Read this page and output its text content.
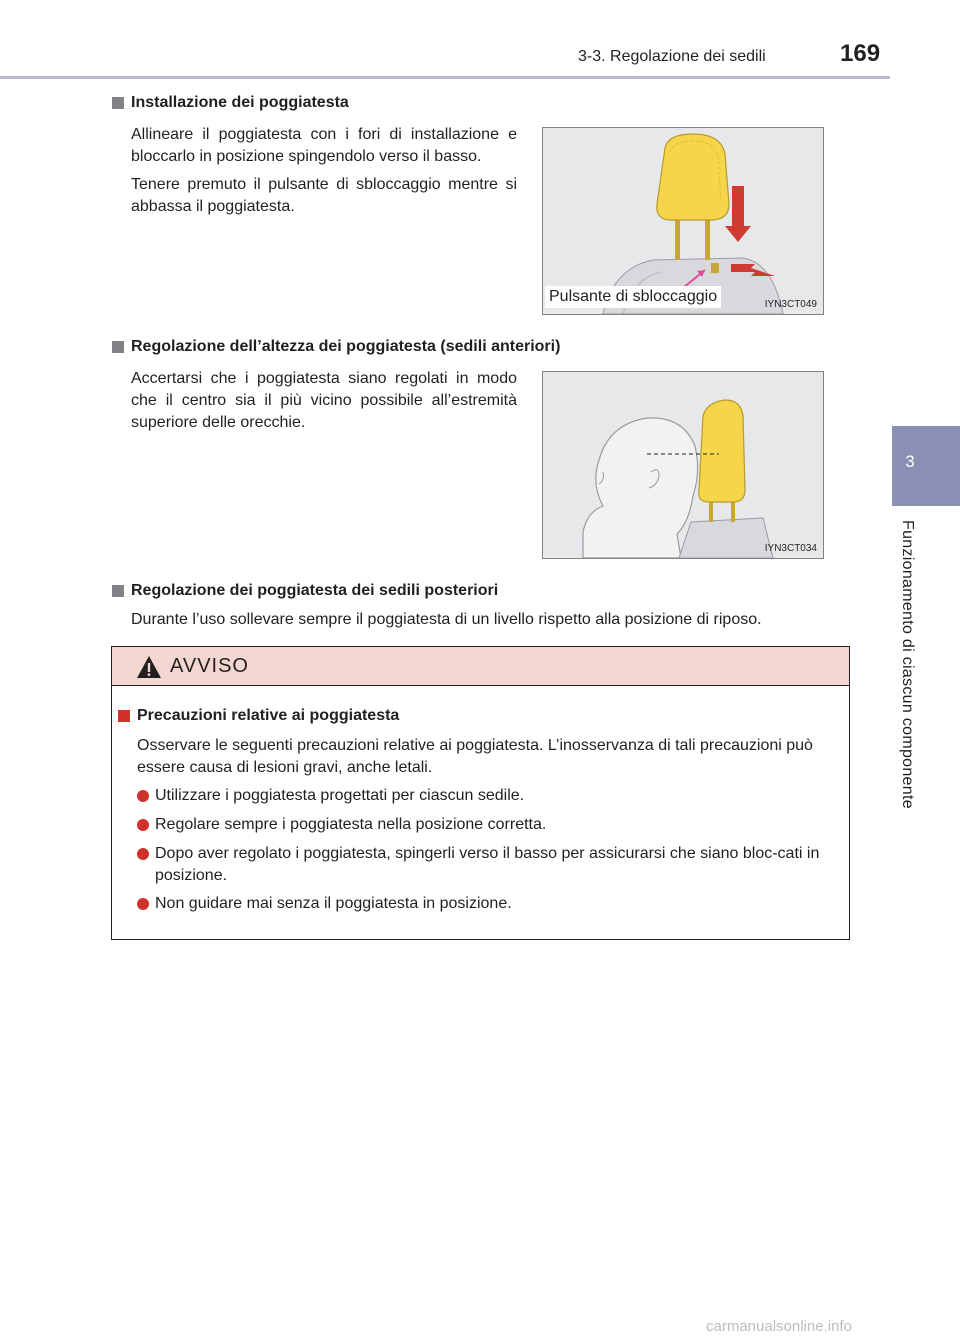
3-3. Regolazione dei sedili	169
3
Funzionamento di ciascun componente
Installazione dei poggiatesta
Allineare il poggiatesta con i fori di installazione e bloccarlo in posizione spingendolo verso il basso.
Tenere premuto il pulsante di sbloccaggio mentre si abbassa il poggiatesta.
Pulsante di sbloccaggio	IYN3CT049
Regolazione dell’altezza dei poggiatesta (sedili anteriori)
Accertarsi che i poggiatesta siano regolati in modo che il centro sia il più vicino possibile all’estremità superiore delle orecchie.
IYN3CT034
Regolazione dei poggiatesta dei sedili posteriori
Durante l’uso sollevare sempre il poggiatesta di un livello rispetto alla posizione di riposo.
AVVISO
Precauzioni relative ai poggiatesta
Osservare le seguenti precauzioni relative ai poggiatesta. L’inosservanza di tali precauzioni può essere causa di lesioni gravi, anche letali.
Utilizzare i poggiatesta progettati per ciascun sedile.
Regolare sempre i poggiatesta nella posizione corretta.
Dopo aver regolato i poggiatesta, spingerli verso il basso per assicurarsi che siano bloc-cati in posizione.
Non guidare mai senza il poggiatesta in posizione.
carmanualsonline.info
